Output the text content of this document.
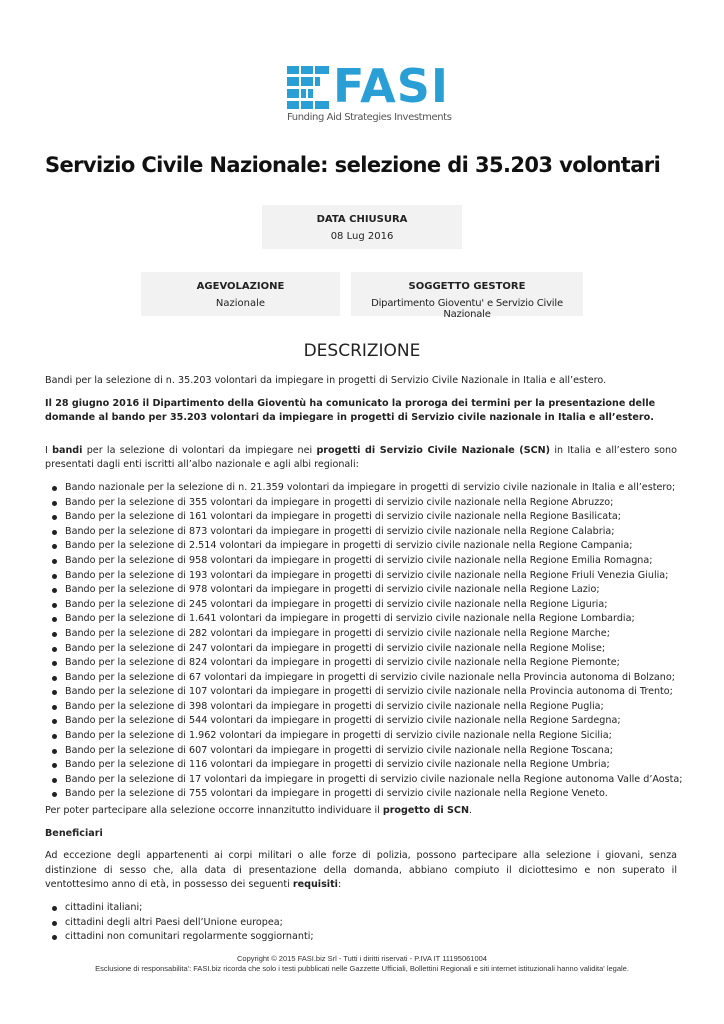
FASI
Funding Aid Strategies Investments
Servizio Civile Nazionale: selezione di 35.203 volontari
DATA CHIUSURA
08 Lug 2016
AGEVOLAZIONE
Nazionale
SOGGETTO GESTORE
Dipartimento Gioventu' e Servizio Civile Nazionale
DESCRIZIONE

Bandi per la selezione di n. 35.203 volontari da impiegare in progetti di Servizio Civile Nazionale in Italia e all’estero.

Il 28 giugno 2016 il Dipartimento della Gioventù ha comunicato la proroga dei termini per la presentazione delle domande al bando per 35.203 volontari da impiegare in progetti di Servizio civile nazionale in Italia e all’estero.

I bandi per la selezione di volontari da impiegare nei progetti di Servizio Civile Nazionale (SCN) in Italia e all’estero sono presentati dagli enti iscritti all’albo nazionale e agli albi regionali:

Bando nazionale per la selezione di n. 21.359 volontari da impiegare in progetti di servizio civile nazionale in Italia e all’estero;
Bando per la selezione di 355 volontari da impiegare in progetti di servizio civile nazionale nella Regione Abruzzo;
Bando per la selezione di 161 volontari da impiegare in progetti di servizio civile nazionale nella Regione Basilicata;
Bando per la selezione di 873 volontari da impiegare in progetti di servizio civile nazionale nella Regione Calabria;
Bando per la selezione di 2.514 volontari da impiegare in progetti di servizio civile nazionale nella Regione Campania;
Bando per la selezione di 958 volontari da impiegare in progetti di servizio civile nazionale nella Regione Emilia Romagna;
Bando per la selezione di 193 volontari da impiegare in progetti di servizio civile nazionale nella Regione Friuli Venezia Giulia;
Bando per la selezione di 978 volontari da impiegare in progetti di servizio civile nazionale nella Regione Lazio;
Bando per la selezione di 245 volontari da impiegare in progetti di servizio civile nazionale nella Regione Liguria;
Bando per la selezione di 1.641 volontari da impiegare in progetti di servizio civile nazionale nella Regione Lombardia;
Bando per la selezione di 282 volontari da impiegare in progetti di servizio civile nazionale nella Regione Marche;
Bando per la selezione di 247 volontari da impiegare in progetti di servizio civile nazionale nella Regione Molise;
Bando per la selezione di 824 volontari da impiegare in progetti di servizio civile nazionale nella Regione Piemonte;
Bando per la selezione di 67 volontari da impiegare in progetti di servizio civile nazionale nella Provincia autonoma di Bolzano;
Bando per la selezione di 107 volontari da impiegare in progetti di servizio civile nazionale nella Provincia autonoma di Trento;
Bando per la selezione di 398 volontari da impiegare in progetti di servizio civile nazionale nella Regione Puglia;
Bando per la selezione di 544 volontari da impiegare in progetti di servizio civile nazionale nella Regione Sardegna;
Bando per la selezione di 1.962 volontari da impiegare in progetti di servizio civile nazionale nella Regione Sicilia;
Bando per la selezione di 607 volontari da impiegare in progetti di servizio civile nazionale nella Regione Toscana;
Bando per la selezione di 116 volontari da impiegare in progetti di servizio civile nazionale nella Regione Umbria;
Bando per la selezione di 17 volontari da impiegare in progetti di servizio civile nazionale nella Regione autonoma Valle d’Aosta;
Bando per la selezione di 755 volontari da impiegare in progetti di servizio civile nazionale nella Regione Veneto.

Per poter partecipare alla selezione occorre innanzitutto individuare il progetto di SCN.

Beneficiari

Ad eccezione degli appartenenti ai corpi militari o alle forze di polizia, possono partecipare alla selezione i giovani, senza distinzione di sesso che, alla data di presentazione della domanda, abbiano compiuto il diciottesimo e non superato il ventottesimo anno di età, in possesso dei seguenti requisiti:

cittadini italiani;
cittadini degli altri Paesi dell’Unione europea;
cittadini non comunitari regolarmente soggiornanti;
Copyright © 2015 FASI.biz Srl - Tutti i diritti riservati - P.IVA IT 11195061004
Esclusione di responsabilita': FASI.biz ricorda che solo i testi pubblicati nelle Gazzette Ufficiali, Bollettini Regionali e siti internet istituzionali hanno validita' legale.
